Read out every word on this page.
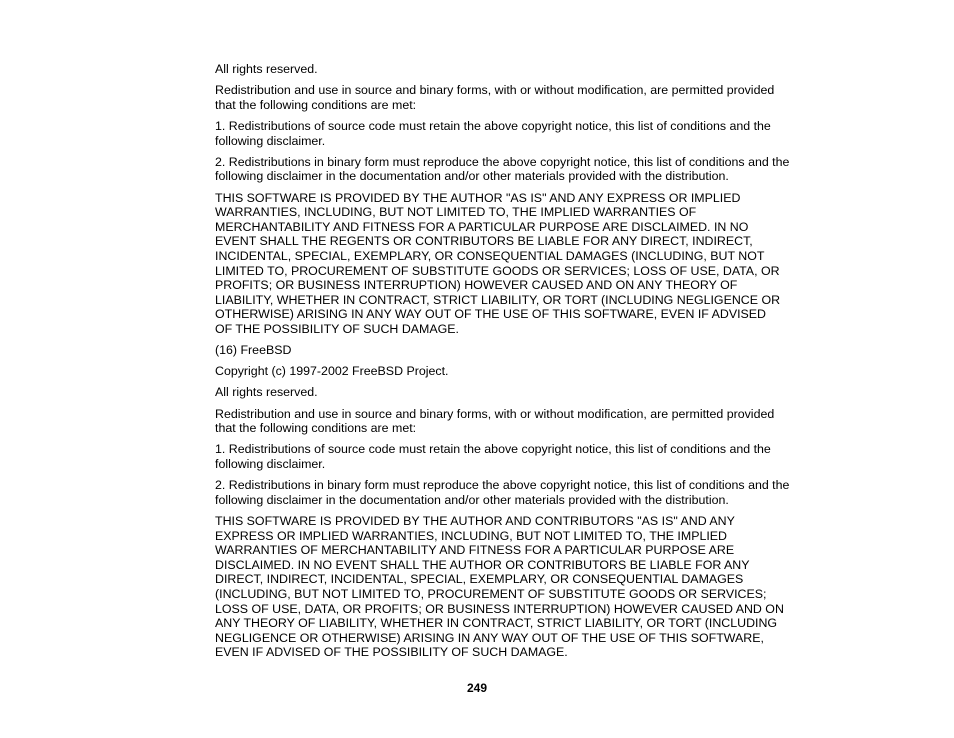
All rights reserved.

Redistribution and use in source and binary forms, with or without modification, are permitted provided
that the following conditions are met:

1. Redistributions of source code must retain the above copyright notice, this list of conditions and the
following disclaimer.

2. Redistributions in binary form must reproduce the above copyright notice, this list of conditions and the
following disclaimer in the documentation and/or other materials provided with the distribution.

THIS SOFTWARE IS PROVIDED BY THE AUTHOR "AS IS" AND ANY EXPRESS OR IMPLIED
WARRANTIES, INCLUDING, BUT NOT LIMITED TO, THE IMPLIED WARRANTIES OF
MERCHANTABILITY AND FITNESS FOR A PARTICULAR PURPOSE ARE DISCLAIMED. IN NO
EVENT SHALL THE REGENTS OR CONTRIBUTORS BE LIABLE FOR ANY DIRECT, INDIRECT,
INCIDENTAL, SPECIAL, EXEMPLARY, OR CONSEQUENTIAL DAMAGES (INCLUDING, BUT NOT
LIMITED TO, PROCUREMENT OF SUBSTITUTE GOODS OR SERVICES; LOSS OF USE, DATA, OR
PROFITS; OR BUSINESS INTERRUPTION) HOWEVER CAUSED AND ON ANY THEORY OF
LIABILITY, WHETHER IN CONTRACT, STRICT LIABILITY, OR TORT (INCLUDING NEGLIGENCE OR
OTHERWISE) ARISING IN ANY WAY OUT OF THE USE OF THIS SOFTWARE, EVEN IF ADVISED
OF THE POSSIBILITY OF SUCH DAMAGE.

(16) FreeBSD

Copyright (c) 1997-2002 FreeBSD Project.

All rights reserved.

Redistribution and use in source and binary forms, with or without modification, are permitted provided
that the following conditions are met:

1. Redistributions of source code must retain the above copyright notice, this list of conditions and the
following disclaimer.

2. Redistributions in binary form must reproduce the above copyright notice, this list of conditions and the
following disclaimer in the documentation and/or other materials provided with the distribution.

THIS SOFTWARE IS PROVIDED BY THE AUTHOR AND CONTRIBUTORS "AS IS" AND ANY
EXPRESS OR IMPLIED WARRANTIES, INCLUDING, BUT NOT LIMITED TO, THE IMPLIED
WARRANTIES OF MERCHANTABILITY AND FITNESS FOR A PARTICULAR PURPOSE ARE
DISCLAIMED. IN NO EVENT SHALL THE AUTHOR OR CONTRIBUTORS BE LIABLE FOR ANY
DIRECT, INDIRECT, INCIDENTAL, SPECIAL, EXEMPLARY, OR CONSEQUENTIAL DAMAGES
(INCLUDING, BUT NOT LIMITED TO, PROCUREMENT OF SUBSTITUTE GOODS OR SERVICES;
LOSS OF USE, DATA, OR PROFITS; OR BUSINESS INTERRUPTION) HOWEVER CAUSED AND ON
ANY THEORY OF LIABILITY, WHETHER IN CONTRACT, STRICT LIABILITY, OR TORT (INCLUDING
NEGLIGENCE OR OTHERWISE) ARISING IN ANY WAY OUT OF THE USE OF THIS SOFTWARE,
EVEN IF ADVISED OF THE POSSIBILITY OF SUCH DAMAGE.

249
